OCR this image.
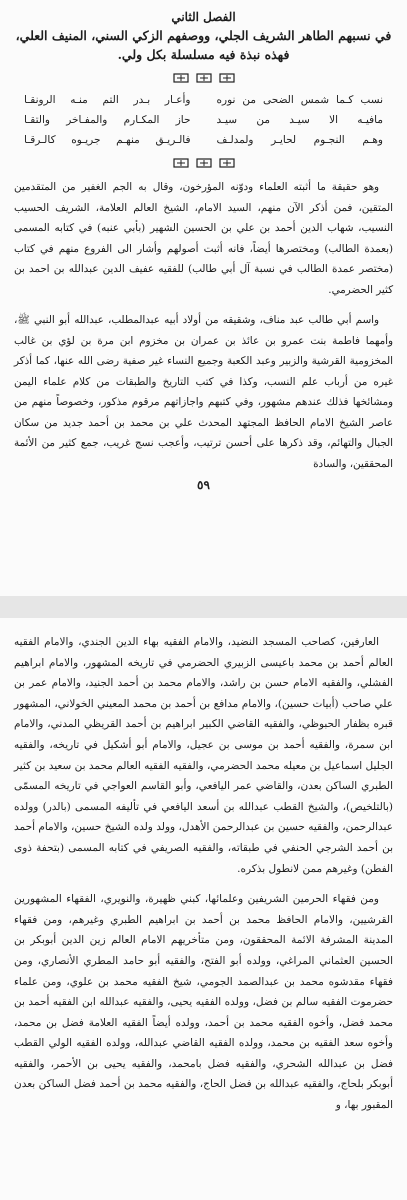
الفصل الثاني
في نسبهم الطاهر الشريف الجلي، ووصفهم الزكي السني، المنيف العلي، فهذه نبذة فيه مسلسلة بكل ولي.
نسب كـما شمس الضحى من نوره
وأعـار بـدر التم منـه الرونقـا
مافيـه الا سيـد من سيـد
حاز المكـارم والمفـاخر والتقـا
وهـم النجـوم لحايـر ولمدلـف
فالـريـق منهـم جريـوه كالـرقـا

وهو حقيقة ما أثبته العلماء ودوّنه المؤرخون، وقال به الجم الغفير من المتقدمين المتقين، فمن أذكر الآن منهم، السيد الامام، الشيخ العالم العلامة، الشريف الحسيب النسيب، شهاب الدين أحمد بن علي بن الحسين الشهير (بأبي عنبه) في كتابه المسمى (بعمدة الطالب) ومختصرها أيضاً، فانه أثبت أصولهم وأشار الى الفروع منهم في كتاب (مختصر عمدة الطالب في نسبة آل أبي طالب) للفقيه عفيف الدين عبدالله بن احمد بن كثير الحضرمي.

واسم أبي طالب عبد مناف، وشقيقه من أولاد أبيه عبدالمطلب، عبدالله أبو النبي ﷺ، وأمهما فاطمة بنت عمرو بن عائذ بن عمران بن مخزوم ابن مرة بن لؤي بن غالب المخزومية القرشية والزبير وعبد الكعبة وجميع النساء غير صفية رضى الله عنها، كما أذكر غيره من أرباب علم النسب، وكذا في كتب التاريخ والطبقات من كلام علماء اليمن ومشائخها فذلك عندهم مشهور، وفي كتبهم واجازاتهم مرقوم مذكور، وخصوصاً منهم من عاصر الشيخ الامام الحافظ المجتهد المحدث علي بن محمد بن أحمد جديد من سكان الجبال والتهائم، وقد ذكرها على أحسن ترتيب، وأعجب نسج غريب، جمع كثير من الأئمة المحققين، والسادة

٥٩

العارفين، كصاحب المسجد النضيد، والامام الفقيه بهاء الدين الجندي، والامام الفقيه العالم أحمد بن محمد باعيسى الزبيري الحضرمي في تاريخه المشهور، والامام ابراهيم الفشلي، والفقيه الامام حسن بن راشد، والامام محمد بن أحمد الجنيد، والامام عمر بن علي صاحب (أبيات حسين)، والامام مدافع بن أحمد بن محمد المعيني الخولاني، المشهور قبره بظفار الحبوظي، والفقيه القاضي الكبير ابراهيم بن أحمد القريظي المدني، والامام ابن سمرة، والفقيه أحمد بن موسى بن عجيل، والامام أبو أشكيل في تاريخه، والفقيه الجليل اسماعيل بن معيله محمد الحضرمي، والفقيه الفقيه العالم محمد بن سعيد بن كثير الطبري الساكن بعدن، والقاضي عمر اليافعي، وأبو القاسم العواجي في تاريخه المسمّى (بالتلخيص)، والشيخ القطب عبدالله بن أسعد اليافعي في تأليفه المسمى (بالدر) وولده عبدالرحمن، والفقيه حسين بن عبدالرحمن الأهدل، وولد ولده الشيخ حسين، والامام أحمد بن أحمد الشرجي الحنفي في طبقاته، والفقيه الصريفي في كتابه المسمى (بتحفة ذوى الفطن) وغيرهم ممن لانطول بذكره.

ومن فقهاء الحرمين الشريفين وعلمائها، كبني ظهيرة، والنويري، الفقهاء المشهورين القرشيين، والامام الحافظ محمد بن أحمد بن ابراهيم الطبري وغيرهم، ومن فقهاء المدينة المشرفة الائمة المحققون، ومن متأخريهم الامام العالم زين الدين أبوبكر بن الحسين العثماني المراغي، وولده أبو الفتح، والفقيه أبو حامد المطري الأنصاري، ومن فقهاء مقدشوه محمد بن عبدالصمد الجومي، شيخ الفقيه محمد بن علوي، ومن علماء حضرموت الفقيه سالم بن فضل، وولده الفقيه يحيى، والفقيه عبدالله ابن الفقيه أحمد بن محمد فضل، وأخوه الفقيه محمد بن أحمد، وولده أيضاً الفقيه العلامة فضل بن محمد، وأخوه سعد الفقيه بن محمد، وولده الفقيه القاضي عبدالله، وولده الفقيه الولي القطب فضل بن عبدالله الشحري، والفقيه فضل بامحمد، والفقيه يحيى بن الأحمر، والفقيه أبوبكر بلحاج، والفقيه عبدالله بن فضل الحاج، والفقيه محمد بن أحمد فضل الساكن بعدن المقبور بها، و
